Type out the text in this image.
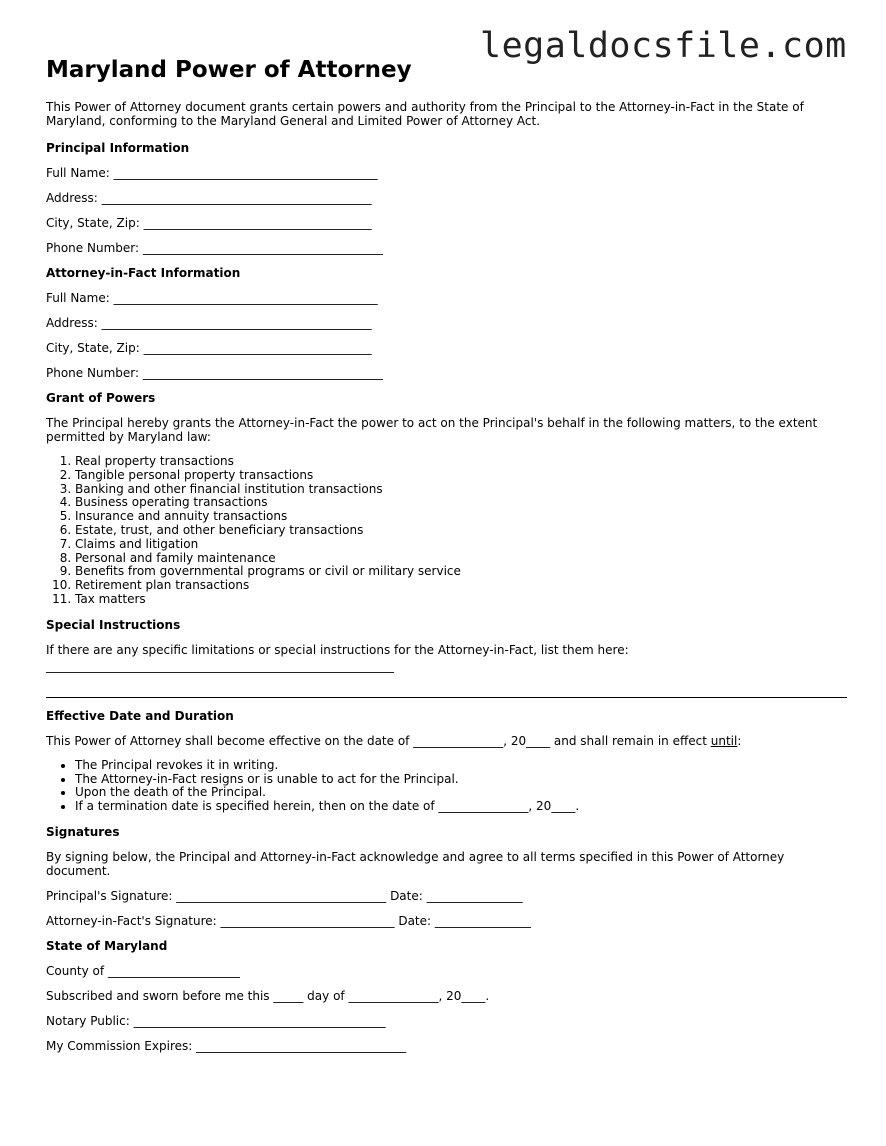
legaldocsfile.com
Maryland Power of Attorney

This Power of Attorney document grants certain powers and authority from the Principal to the Attorney-in-Fact in the State of Maryland, conforming to the Maryland General and Limited Power of Attorney Act.

Principal Information
Full Name: ____________________________________________
Address: _____________________________________________
City, State, Zip: ______________________________________
Phone Number: ________________________________________
Attorney-in-Fact Information
Full Name: ____________________________________________
Address: _____________________________________________
City, State, Zip: ______________________________________
Phone Number: ________________________________________
Grant of Powers

The Principal hereby grants the Attorney-in-Fact the power to act on the Principal's behalf in the following matters, to the extent permitted by Maryland law:

1. Real property transactions
2. Tangible personal property transactions
3. Banking and other financial institution transactions
4. Business operating transactions
5. Insurance and annuity transactions
6. Estate, trust, and other beneficiary transactions
7. Claims and litigation
8. Personal and family maintenance
9. Benefits from governmental programs or civil or military service
10. Retirement plan transactions
11. Tax matters
Special Instructions

If there are any specific limitations or special instructions for the Attorney-in-Fact, list them here:

__________________________________________________________
Effective Date and Duration

This Power of Attorney shall become effective on the date of _______________, 20____ and shall remain in effect until:

• The Principal revokes it in writing.
• The Attorney-in-Fact resigns or is unable to act for the Principal.
• Upon the death of the Principal.
• If a termination date is specified herein, then on the date of _______________, 20____.
Signatures

By signing below, the Principal and Attorney-in-Fact acknowledge and agree to all terms specified in this Power of Attorney document.

Principal's Signature: ___________________________________ Date: ________________
Attorney-in-Fact's Signature: _____________________________ Date: ________________
State of Maryland
County of ______________________
Subscribed and sworn before me this _____ day of _______________, 20____.
Notary Public: __________________________________________
My Commission Expires: ___________________________________
